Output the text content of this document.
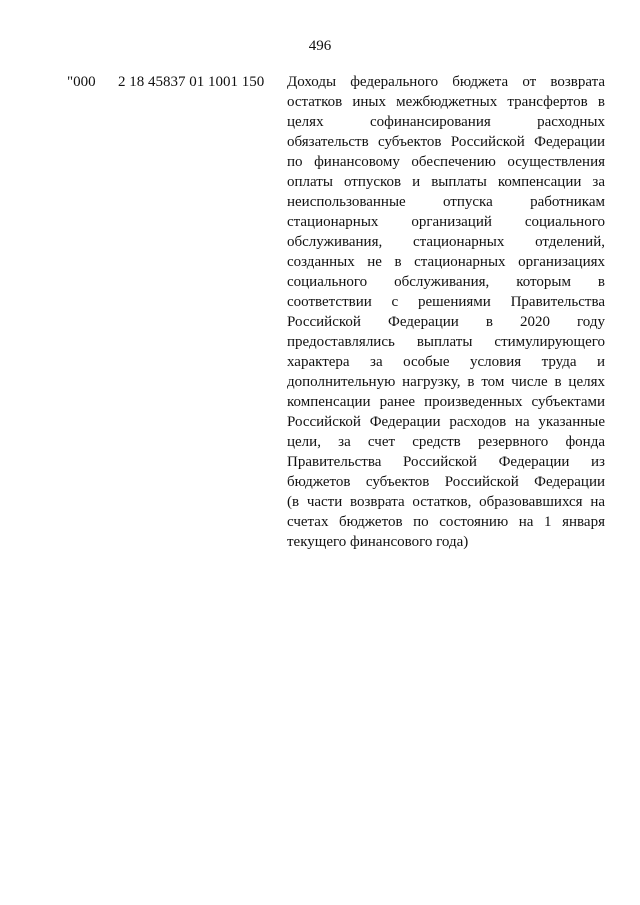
496
"000 2 18 45837 01 1001 150 Доходы федерального бюджета от возврата
остатков иных межбюджетных трансфертов в
целях софинансирования расходных
обязательств субъектов Российской Федерации
по финансовому обеспечению осуществления
оплаты отпусков и выплаты компенсации за
неиспользованные отпуска работникам
стационарных организаций социального
обслуживания, стационарных отделений,
созданных не в стационарных организациях
социального обслуживания, которым в
соответствии с решениями Правительства
Российской Федерации в 2020 году
предоставлялись выплаты стимулирующего
характера за особые условия труда и
дополнительную нагрузку, в том числе в целях
компенсации ранее произведенных субъектами
Российской Федерации расходов на указанные
цели, за счет средств резервного фонда
Правительства Российской Федерации из
бюджетов субъектов Российской Федерации
(в части возврата остатков, образовавшихся на
счетах бюджетов по состоянию на 1 января
текущего финансового года)
